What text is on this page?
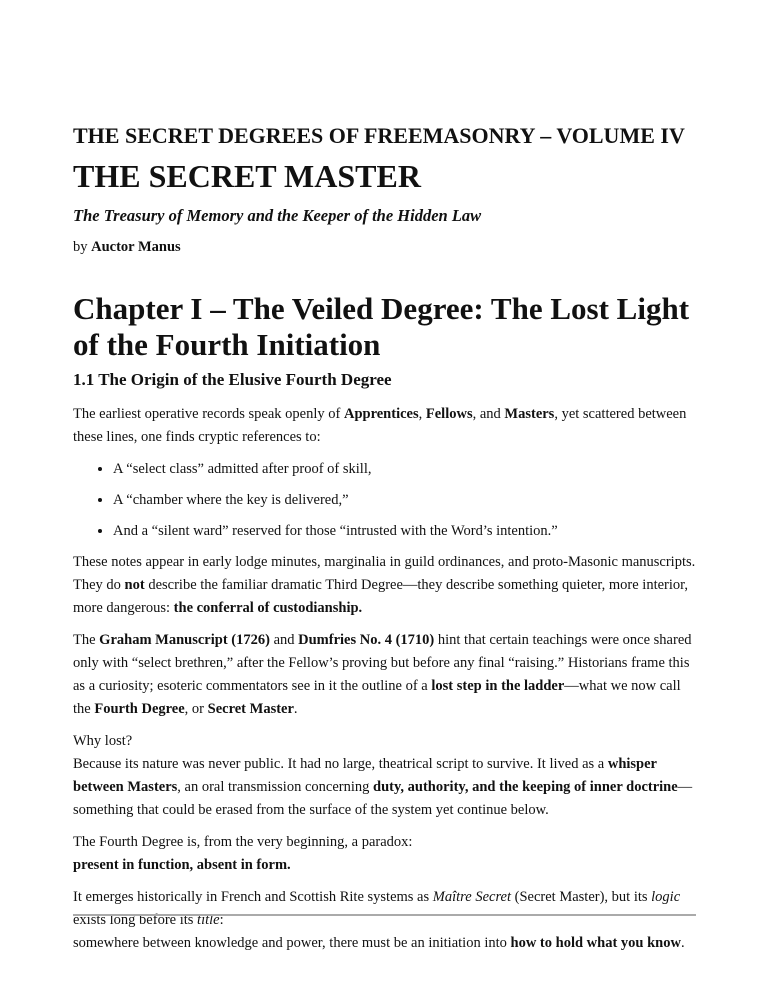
THE SECRET DEGREES OF FREEMASONRY – VOLUME IV
THE SECRET MASTER
The Treasury of Memory and the Keeper of the Hidden Law
by Auctor Manus
Chapter I – The Veiled Degree: The Lost Light of the Fourth Initiation
1.1 The Origin of the Elusive Fourth Degree

The earliest operative records speak openly of Apprentices, Fellows, and Masters, yet scattered between these lines, one finds cryptic references to:

• A “select class” admitted after proof of skill,
• A “chamber where the key is delivered,”
• And a “silent ward” reserved for those “intrusted with the Word’s intention.”

These notes appear in early lodge minutes, marginalia in guild ordinances, and proto-Masonic manuscripts. They do not describe the familiar dramatic Third Degree—they describe something quieter, more interior, more dangerous: the conferral of custodianship.

The Graham Manuscript (1726) and Dumfries No. 4 (1710) hint that certain teachings were once shared only with “select brethren,” after the Fellow’s proving but before any final “raising.” Historians frame this as a curiosity; esoteric commentators see in it the outline of a lost step in the ladder—what we now call the Fourth Degree, or Secret Master.

Why lost?
Because its nature was never public. It had no large, theatrical script to survive. It lived as a whisper between Masters, an oral transmission concerning duty, authority, and the keeping of inner doctrine—something that could be erased from the surface of the system yet continue below.

The Fourth Degree is, from the very beginning, a paradox:
present in function, absent in form.

It emerges historically in French and Scottish Rite systems as Maître Secret (Secret Master), but its logic exists long before its title:
somewhere between knowledge and power, there must be an initiation into how to hold what you know.
